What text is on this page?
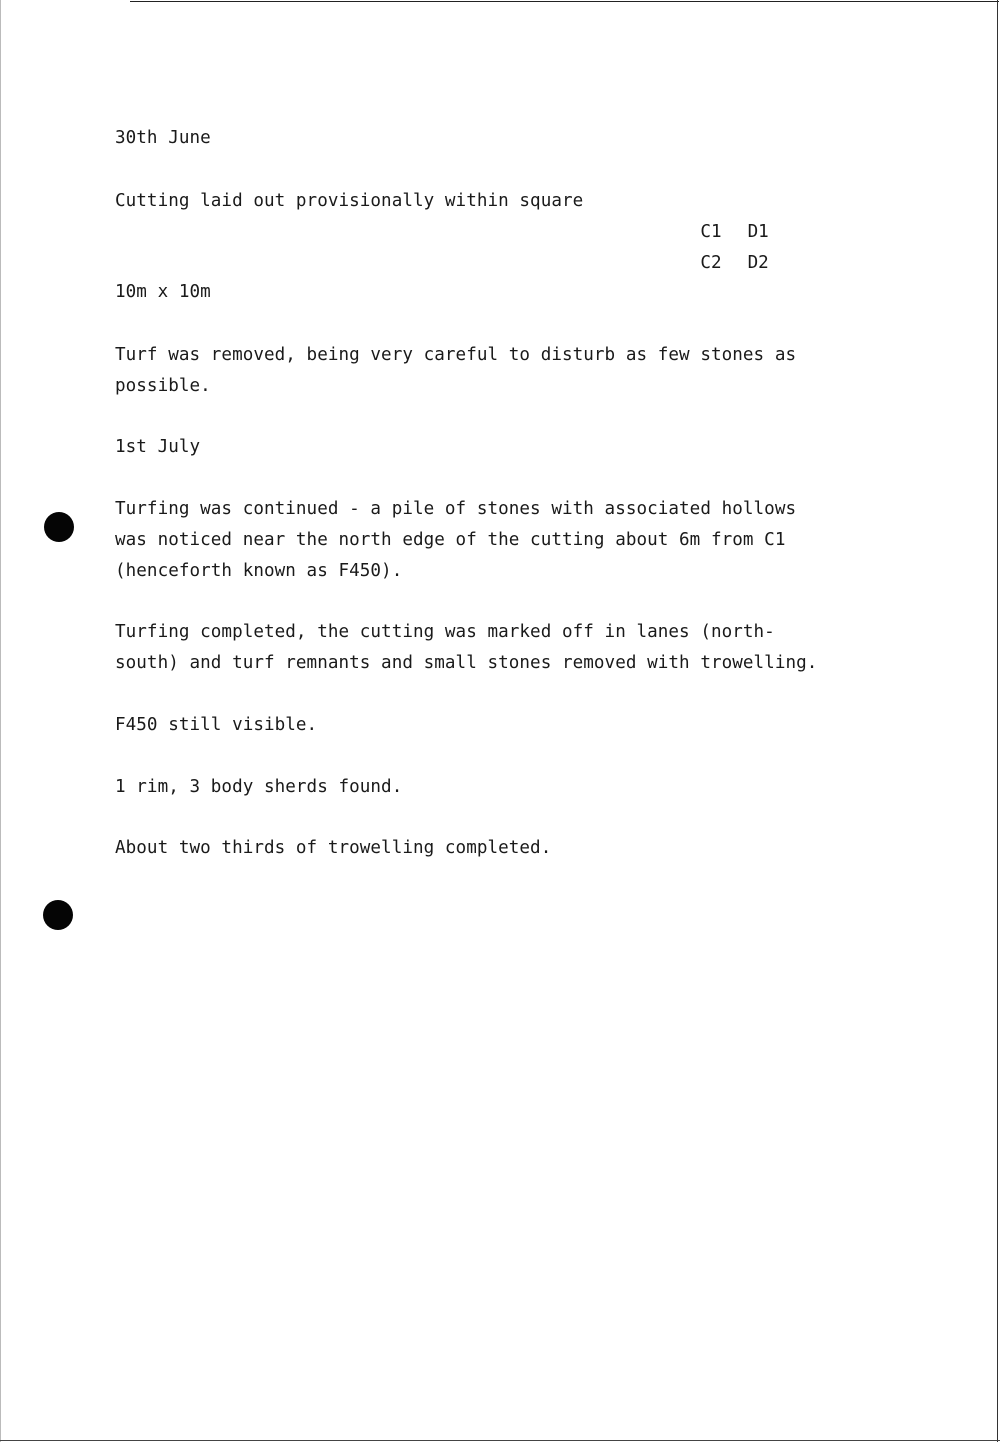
30th June
Cutting laid out provisionally within square

C1 D1

C2 D2

10m x 10m
Turf was removed, being very careful to disturb as few stones as
possible.
1st July
Turfing was continued - a pile of stones with associated hollows
was noticed near the north edge of the cutting about 6m from C1
(henceforth known as F450).
Turfing completed, the cutting was marked off in lanes (north-
south) and turf remnants and small stones removed with trowelling.
F450 still visible.
1 rim, 3 body sherds found.
About two thirds of trowelling completed.
